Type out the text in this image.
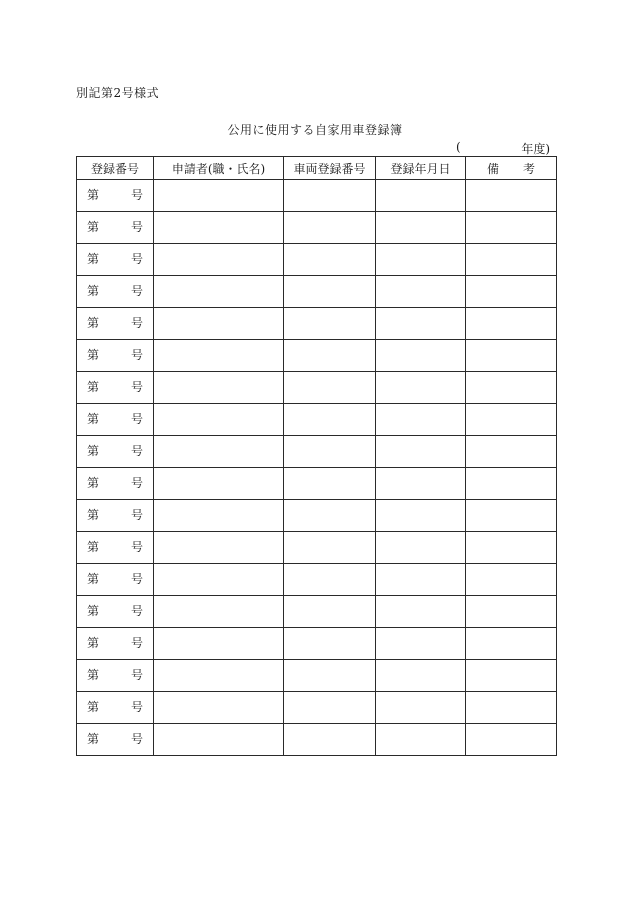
別記第2号様式
公用に使用する自家用車登録簿
(	年度)
登録番号	申請者(職・氏名)	車両登録番号	登録年月日	備考

第 号				

第 号				

第 号				

第 号				

第 号				

第 号				

第 号				

第 号				

第 号				

第 号				

第 号				

第 号				

第 号				

第 号				

第 号				

第 号				

第 号				

第 号				
